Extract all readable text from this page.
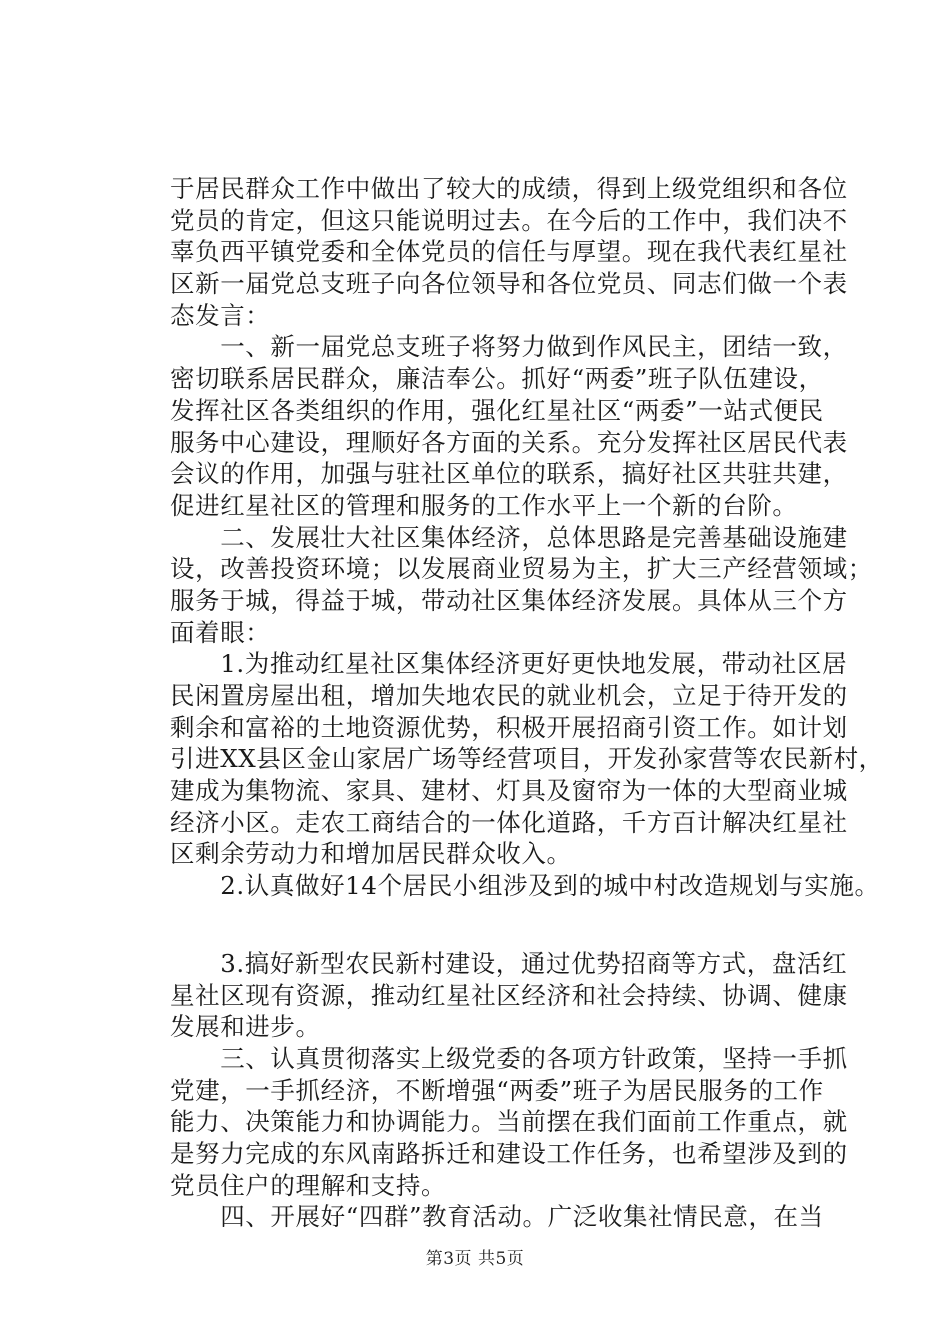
于居民群众工作中做出了较大的成绩，得到上级党组织和各位
党员的肯定，但这只能说明过去。在今后的工作中，我们决不
辜负西平镇党委和全体党员的信任与厚望。现在我代表红星社
区新一届党总支班子向各位领导和各位党员、同志们做一个表
态发言：
　　一、新一届党总支班子将努力做到作风民主，团结一致，
密切联系居民群众，廉洁奉公。抓好“两委”班子队伍建设，
发挥社区各类组织的作用，强化红星社区“两委”一站式便民
服务中心建设，理顺好各方面的关系。充分发挥社区居民代表
会议的作用，加强与驻社区单位的联系，搞好社区共驻共建，
促进红星社区的管理和服务的工作水平上一个新的台阶。
　　二、发展壮大社区集体经济，总体思路是完善基础设施建
设，改善投资环境；以发展商业贸易为主，扩大三产经营领域；
服务于城，得益于城，带动社区集体经济发展。具体从三个方
面着眼：
　　1.为推动红星社区集体经济更好更快地发展，带动社区居
民闲置房屋出租，增加失地农民的就业机会，立足于待开发的
剩余和富裕的土地资源优势，积极开展招商引资工作。如计划
引进XX县区金山家居广场等经营项目，开发孙家营等农民新村，
建成为集物流、家具、建材、灯具及窗帘为一体的大型商业城
经济小区。走农工商结合的一体化道路，千方百计解决红星社
区剩余劳动力和增加居民群众收入。
　　2.认真做好14个居民小组涉及到的城中村改造规划与实施。
　　3.搞好新型农民新村建设，通过优势招商等方式，盘活红
星社区现有资源，推动红星社区经济和社会持续、协调、健康
发展和进步。
　　三、认真贯彻落实上级党委的各项方针政策，坚持一手抓
党建，一手抓经济，不断增强“两委”班子为居民服务的工作
能力、决策能力和协调能力。当前摆在我们面前工作重点，就
是努力完成的东风南路拆迁和建设工作任务，也希望涉及到的
党员住户的理解和支持。
　　四、开展好“四群”教育活动。广泛收集社情民意，在当
第3页 共5页
